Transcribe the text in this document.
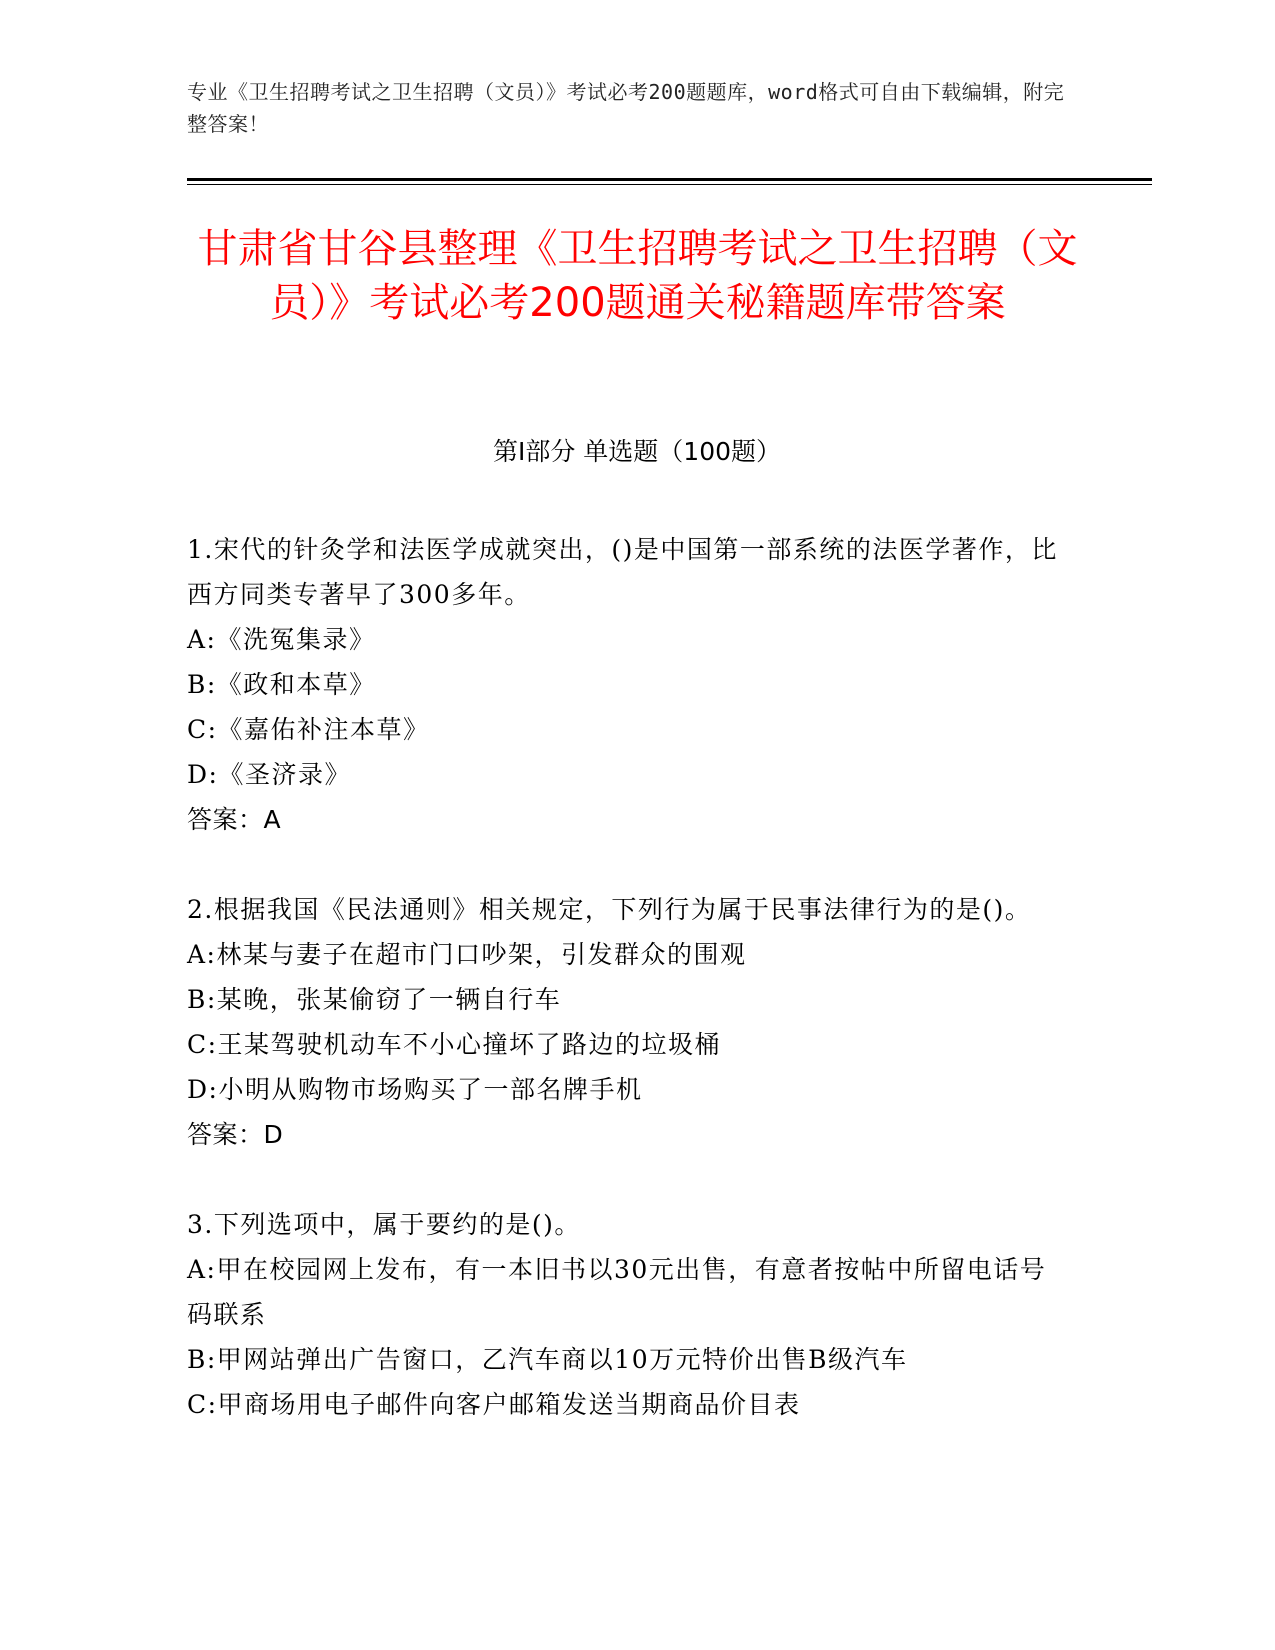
专业《卫生招聘考试之卫生招聘（文员）》考试必考200题题库，word格式可自由下载编辑，附完整答案！
甘肃省甘谷县整理《卫生招聘考试之卫生招聘（文员）》考试必考200题通关秘籍题库带答案
第I部分 单选题（100题）

1.宋代的针灸学和法医学成就突出，()是中国第一部系统的法医学著作，比西方同类专著早了300多年。

A:《洗冤集录》

B:《政和本草》

C:《嘉佑补注本草》

D:《圣济录》

答案：A

2.根据我国《民法通则》相关规定，下列行为属于民事法律行为的是()。

A:林某与妻子在超市门口吵架，引发群众的围观

B:某晚，张某偷窃了一辆自行车

C:王某驾驶机动车不小心撞坏了路边的垃圾桶

D:小明从购物市场购买了一部名牌手机

答案：D

3.下列选项中，属于要约的是()。

A:甲在校园网上发布，有一本旧书以30元出售，有意者按帖中所留电话号码联系

B:甲网站弹出广告窗口，乙汽车商以10万元特价出售B级汽车

C:甲商场用电子邮件向客户邮箱发送当期商品价目表
